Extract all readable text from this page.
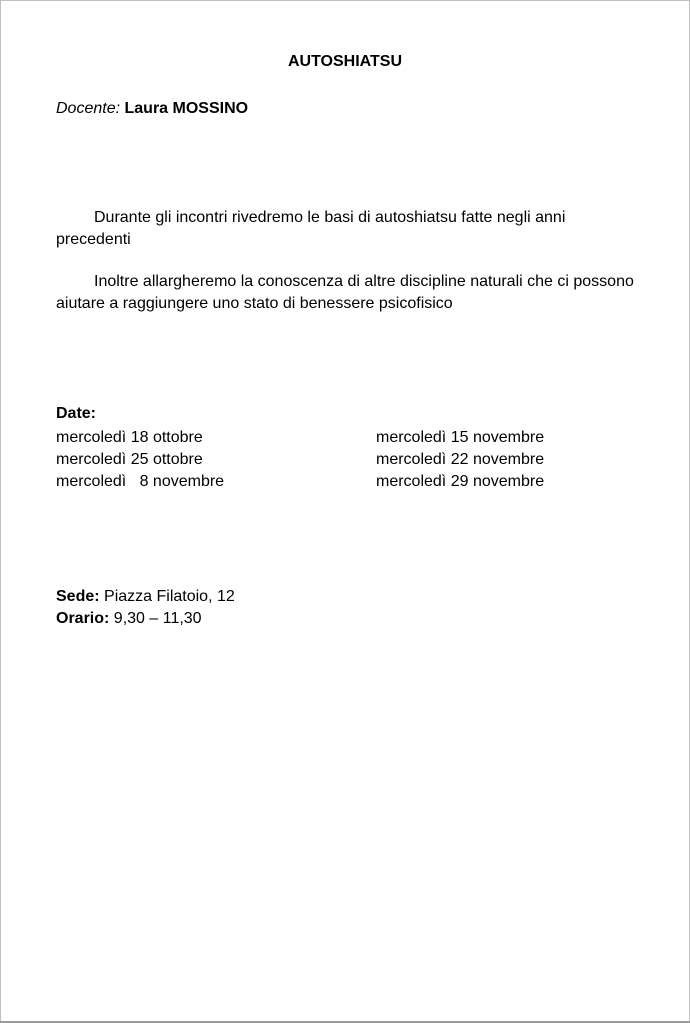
AUTOSHIATSU
Docente: Laura MOSSINO
Durante gli incontri rivedremo le basi di autoshiatsu fatte negli anni precedenti
Inoltre allargheremo la conoscenza di altre discipline naturali che ci possono aiutare a raggiungere uno stato di benessere psicofisico
Date:
mercoledì 18 ottobre
mercoledì 25 ottobre
mercoledì   8 novembre
mercoledì 15 novembre
mercoledì 22 novembre
mercoledì 29 novembre
Sede: Piazza Filatoio, 12
Orario: 9,30 – 11,30
